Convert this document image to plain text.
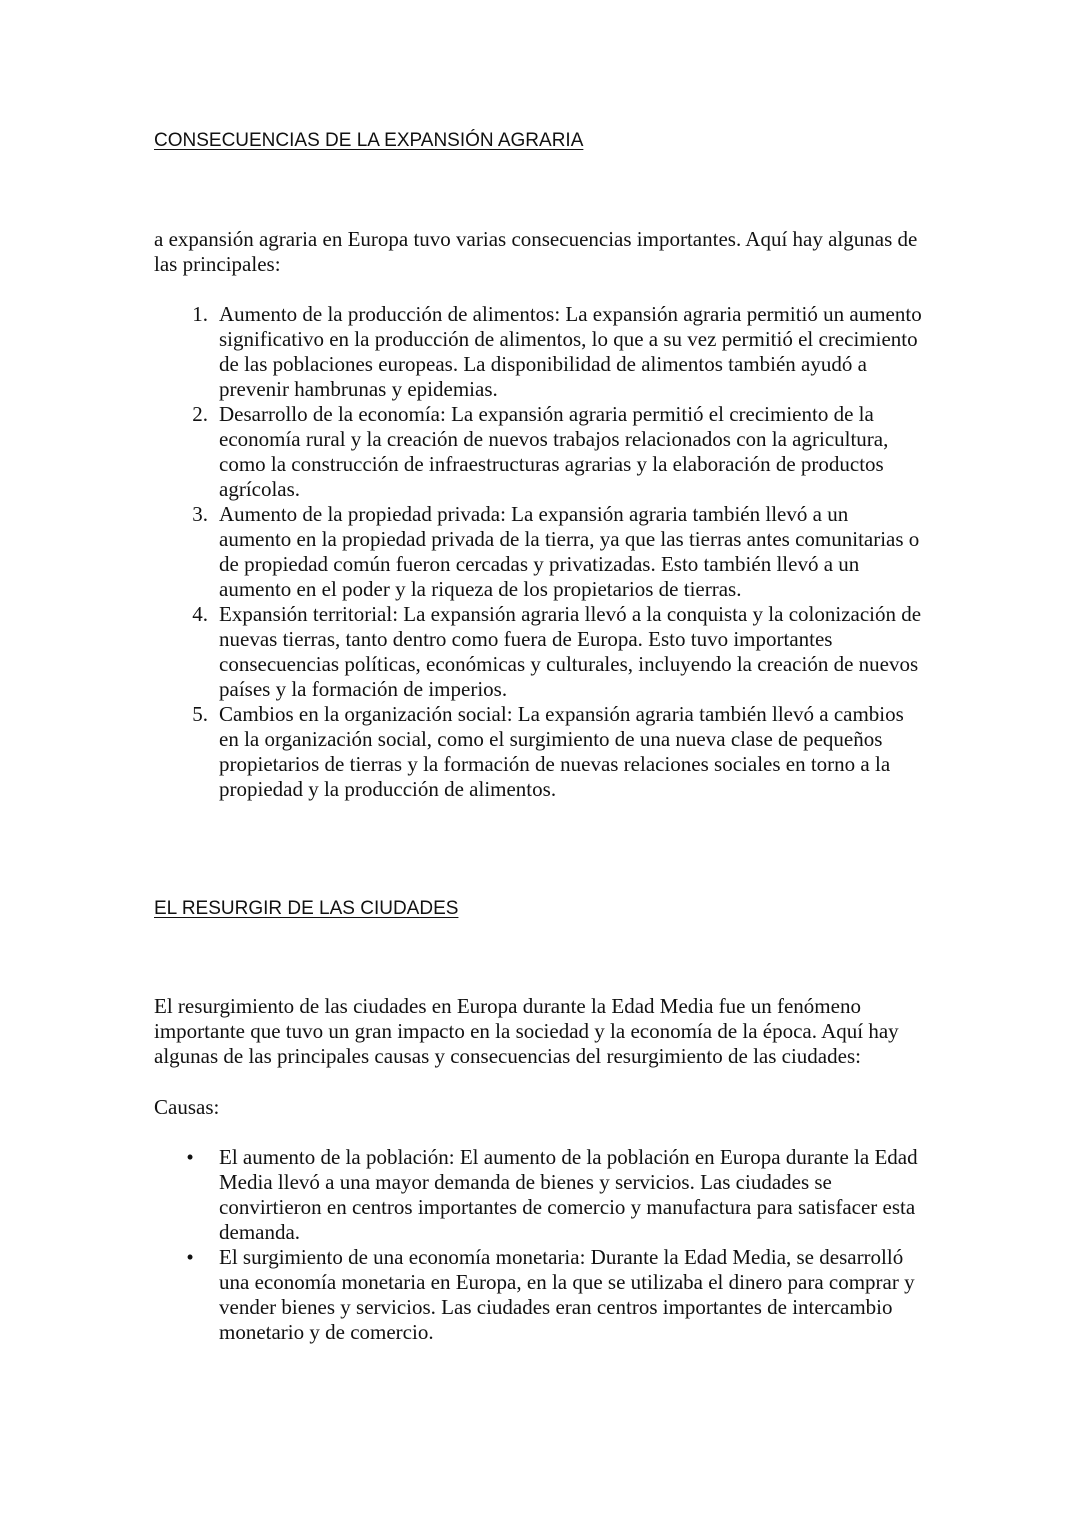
CONSECUENCIAS DE LA EXPANSIÓN AGRARIA

a expansión agraria en Europa tuvo varias consecuencias importantes. Aquí hay algunas de las principales:

1. Aumento de la producción de alimentos: La expansión agraria permitió un aumento significativo en la producción de alimentos, lo que a su vez permitió el crecimiento de las poblaciones europeas. La disponibilidad de alimentos también ayudó a prevenir hambrunas y epidemias.
2. Desarrollo de la economía: La expansión agraria permitió el crecimiento de la economía rural y la creación de nuevos trabajos relacionados con la agricultura, como la construcción de infraestructuras agrarias y la elaboración de productos agrícolas.
3. Aumento de la propiedad privada: La expansión agraria también llevó a un aumento en la propiedad privada de la tierra, ya que las tierras antes comunitarias o de propiedad común fueron cercadas y privatizadas. Esto también llevó a un aumento en el poder y la riqueza de los propietarios de tierras.
4. Expansión territorial: La expansión agraria llevó a la conquista y la colonización de nuevas tierras, tanto dentro como fuera de Europa. Esto tuvo importantes consecuencias políticas, económicas y culturales, incluyendo la creación de nuevos países y la formación de imperios.
5. Cambios en la organización social: La expansión agraria también llevó a cambios en la organización social, como el surgimiento de una nueva clase de pequeños propietarios de tierras y la formación de nuevas relaciones sociales en torno a la propiedad y la producción de alimentos.
EL RESURGIR DE LAS CIUDADES

El resurgimiento de las ciudades en Europa durante la Edad Media fue un fenómeno importante que tuvo un gran impacto en la sociedad y la economía de la época. Aquí hay algunas de las principales causas y consecuencias del resurgimiento de las ciudades:

Causas:

• El aumento de la población: El aumento de la población en Europa durante la Edad Media llevó a una mayor demanda de bienes y servicios. Las ciudades se convirtieron en centros importantes de comercio y manufactura para satisfacer esta demanda.
• El surgimiento de una economía monetaria: Durante la Edad Media, se desarrolló una economía monetaria en Europa, en la que se utilizaba el dinero para comprar y vender bienes y servicios. Las ciudades eran centros importantes de intercambio monetario y de comercio.
